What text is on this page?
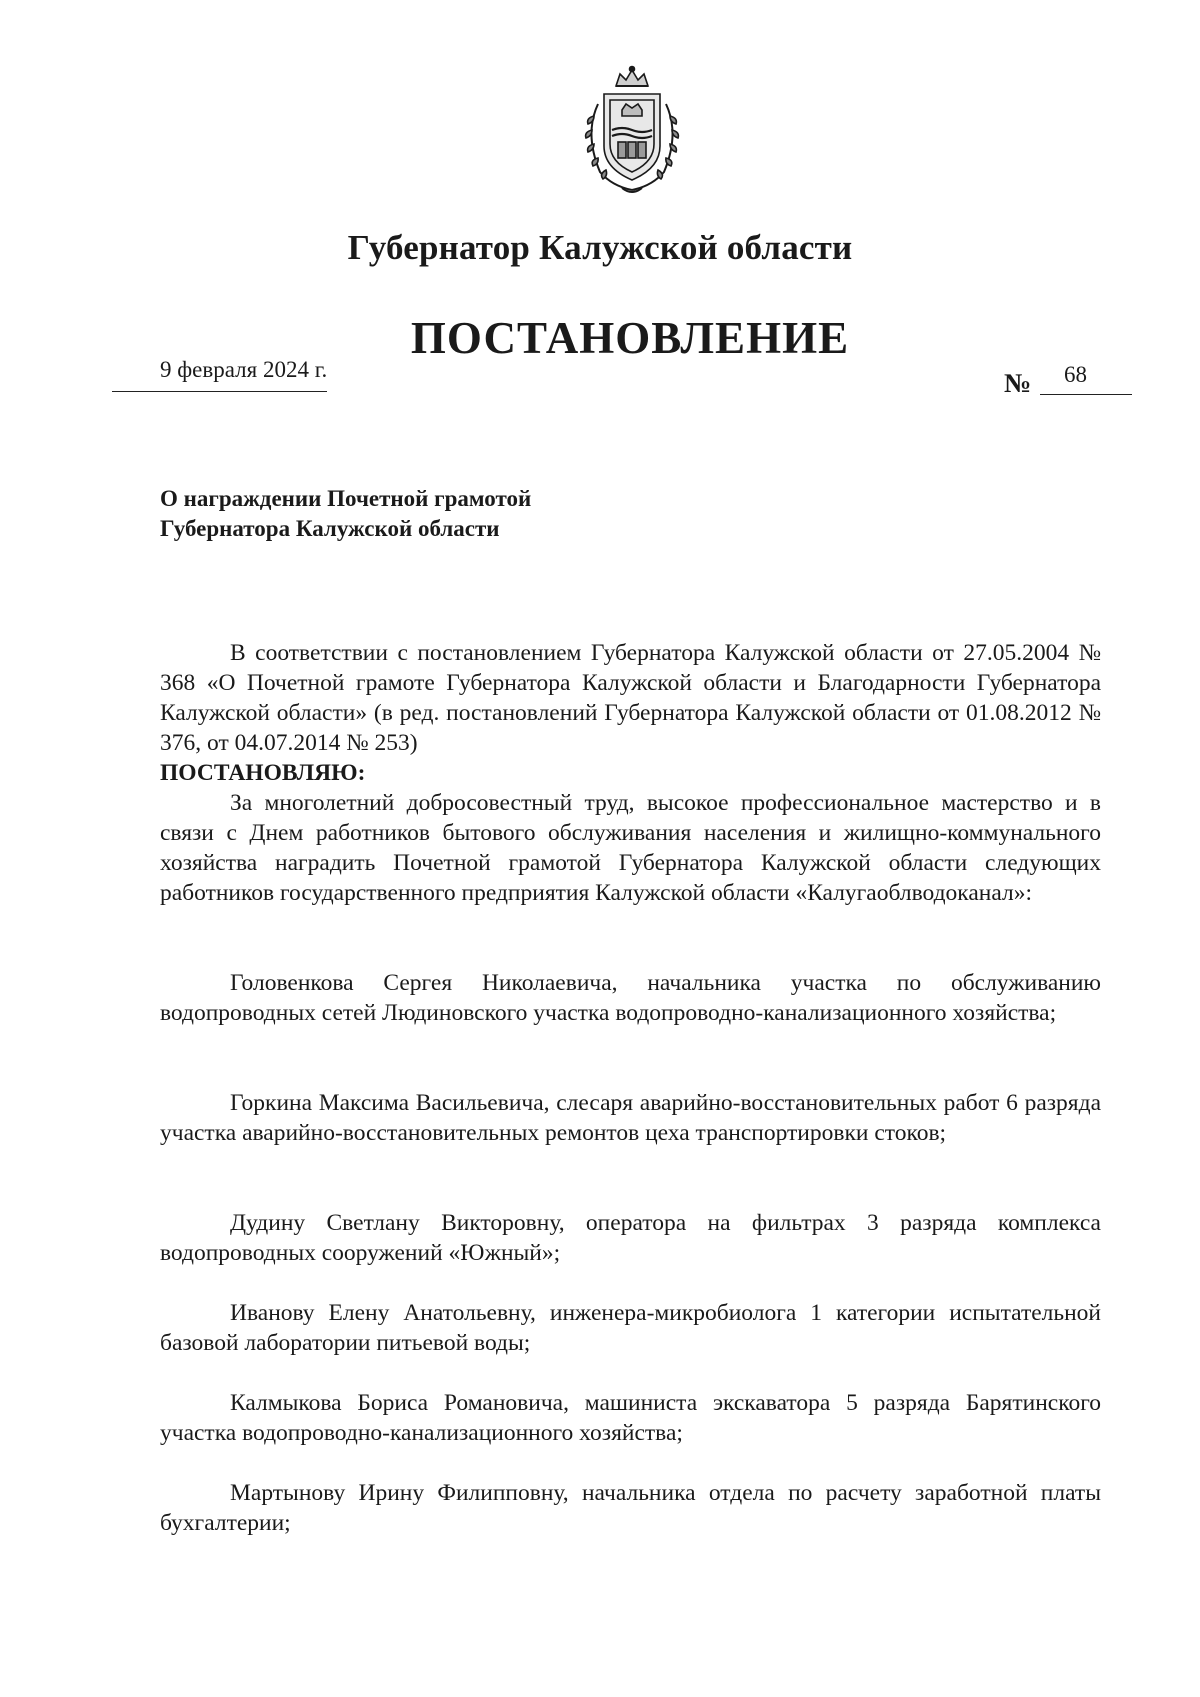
Губернатор Калужской области
ПОСТАНОВЛЕНИЕ
9 февраля 2024 г.	№ 68
О награждении Почетной грамотой
Губернатора Калужской области
В соответствии с постановлением Губернатора Калужской области от 27.05.2004 № 368 «О Почетной грамоте Губернатора Калужской области и Благодарности Губернатора Калужской области» (в ред. постановлений Губернатора Калужской области от 01.08.2012 № 376, от 04.07.2014 № 253)
ПОСТАНОВЛЯЮ:
За многолетний добросовестный труд, высокое профессиональное мастерство и в связи с Днем работников бытового обслуживания населения и жилищно-коммунального хозяйства наградить Почетной грамотой Губернатора Калужской области следующих работников государственного предприятия Калужской области «Калугаоблводоканал»:
Головенкова Сергея Николаевича, начальника участка по обслуживанию водопроводных сетей Людиновского участка водопроводно-канализационного хозяйства;
Горкина Максима Васильевича, слесаря аварийно-восстановительных работ 6 разряда участка аварийно-восстановительных ремонтов цеха транспортировки стоков;
Дудину Светлану Викторовну, оператора на фильтрах 3 разряда комплекса водопроводных сооружений «Южный»;
Иванову Елену Анатольевну, инженера-микробиолога 1 категории испытательной базовой лаборатории питьевой воды;
Калмыкова Бориса Романовича, машиниста экскаватора 5 разряда Барятинского участка водопроводно-канализационного хозяйства;
Мартынову Ирину Филипповну, начальника отдела по расчету заработной платы бухгалтерии;
